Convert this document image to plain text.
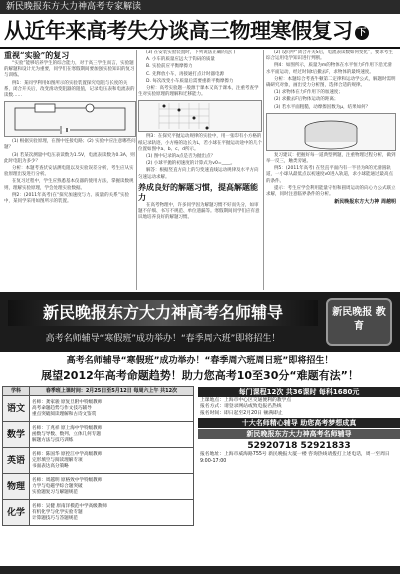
新民晚报东方大力神高考专家解读
从近年来高考失分谈高三物理寒假复习 下

重视“实验”的复习

“实验”能够培养学生的综合能力，对于高三学生而言，实验题的解题和设计尤为重要，同学们在寒假期间要加强实验知识的复习与训练。

例1：某同学利用如图所示的实验装置探究电阻与长度的关系，闭合开关后，改变滑动变阻器的阻值，记录电压表和电流表的读数……

(1) 根据实验原理，在图中连接电路；(2) 实验中应注意哪些问题？

(3) 若某次测量中电压表读数为1.5V，电流表读数为0.3A，则此时电阻为多少？

分析：本题考查伏安法测电阻以及实验误差分析，考生应从实验原理出发进行分析。

在复习过程中，学生应熟悉基本仪器的使用方法，掌握读数规则，理解实验原理，学会处理实验数据。

例2：(2011年高考)在“探究加速度与力、质量的关系”实验中，某同学采用如图所示的装置。

(3) 在安装实验装置时，下列说法正确的是( )

A. 小车的质量应远大于钩码的质量

B. 实验前应平衡摩擦力

C. 先释放小车，再接通打点计时器电源

D. 每次改变小车质量后需要重新平衡摩擦力

分析：高考实验题一般源于课本又高于课本，注重考查学生对实验原理的理解和迁移能力。

例3：在探究平抛运动规律的实验中，用一张印有小方格的纸记录轨迹，小方格的边长为L，若小球在平抛运动途中的几个位置如图中a、b、c、d所示。

(1) 图中记录的a点是否为抛出点？

(2) 小球平抛的初速度的计算式为v0=____。

解答：根据竖直方向上的匀变速直线运动规律及水平方向匀速运动求解。

养成良好的解题习惯，提高解题能力

在高考物理中，许多同学因为解题习惯不好而失分，如审题不仔细、书写不规范、单位遗漏等。寒假期间同学们应有意识地培养良好的解题习惯。

(2) 设问中“闭合开关S后，电流表读数如何变化”，要求考生综合运用电学知识进行判断。

例4：如图所示，质量为m的物体在水平恒力F作用下沿光滑水平面运动，经过时间t后撤去F，求物体的最终速度。

分析：本题综合考查牛顿第二定律和运动学公式，解题时需明确研究对象，画出受力分析图，选择合适的规律。

(1) 求物体在力F作用下的加速度；

(2) 求撤去F后物体运动的距离；

(3) 若水平面粗糙，动摩擦因数为μ，结果如何？

复习建议：把握好每一道典型例题，注重物理过程分析，做到举一反三，触类旁通。

例5：(2011年高考) 在竖直平面内有一半径为R的光滑圆轨道，一小球从最低点以初速度v0进入轨道，求小球能通过最高点的条件。

提示：考生应学会利用能量守恒和圆周运动的向心力公式联立求解，同时注意临界条件的分析。

新民晚报东方大力神 周越明

新民晚报东方大力神高考名师辅导
高考名师辅导“寒假班”成功举办！“春季周六班”即将招生！
新民晚报 教育
高考名师辅导“寒假班”成功举办！“春季周六班周日班”即将招生！
展望2012年高考命题趋势！助力您高考10至30分“难题有法”！
学科	春季班上课时间：2月25日至5月12日 每周六上午 共12次
语文	名师：龚家骏 原复旦附中特级教师
高考命题趋势与作文技巧辅导
重点突破阅读理解和古诗文鉴赏

数学	名师：丁兆祥 原上海中学特级教师
函数与导数、数列、立体几何专题
解题方法与技巧训练

英语	名师：陈国华 原控江中学高级教师
完形填空与阅读理解专项
书面表达高分策略

物理	名师：周越明 原格致中学特级教师
力学与电磁学综合题突破
实验题复习与解题规范

化学	名师：吴健 原南洋模范中学高级教师
有机化学与化学实验专题
计算题技巧与答题规范
每门课程12次 共36课时 每科1680元
上课地点：上海市中心区交通便利的教学点
报名方式：请登录网站或致电报名热线
报名时间：即日起至2月20日 额满即止
十大名师精心辅导 助您高考梦想成真
新民晚报东方大力神高考名师辅导
52920718 52921833
报名地址：上海市威海路755号 新民晚报大厦一楼 咨询热线请拨打上述电话，周一至周日 9:00-17:00
